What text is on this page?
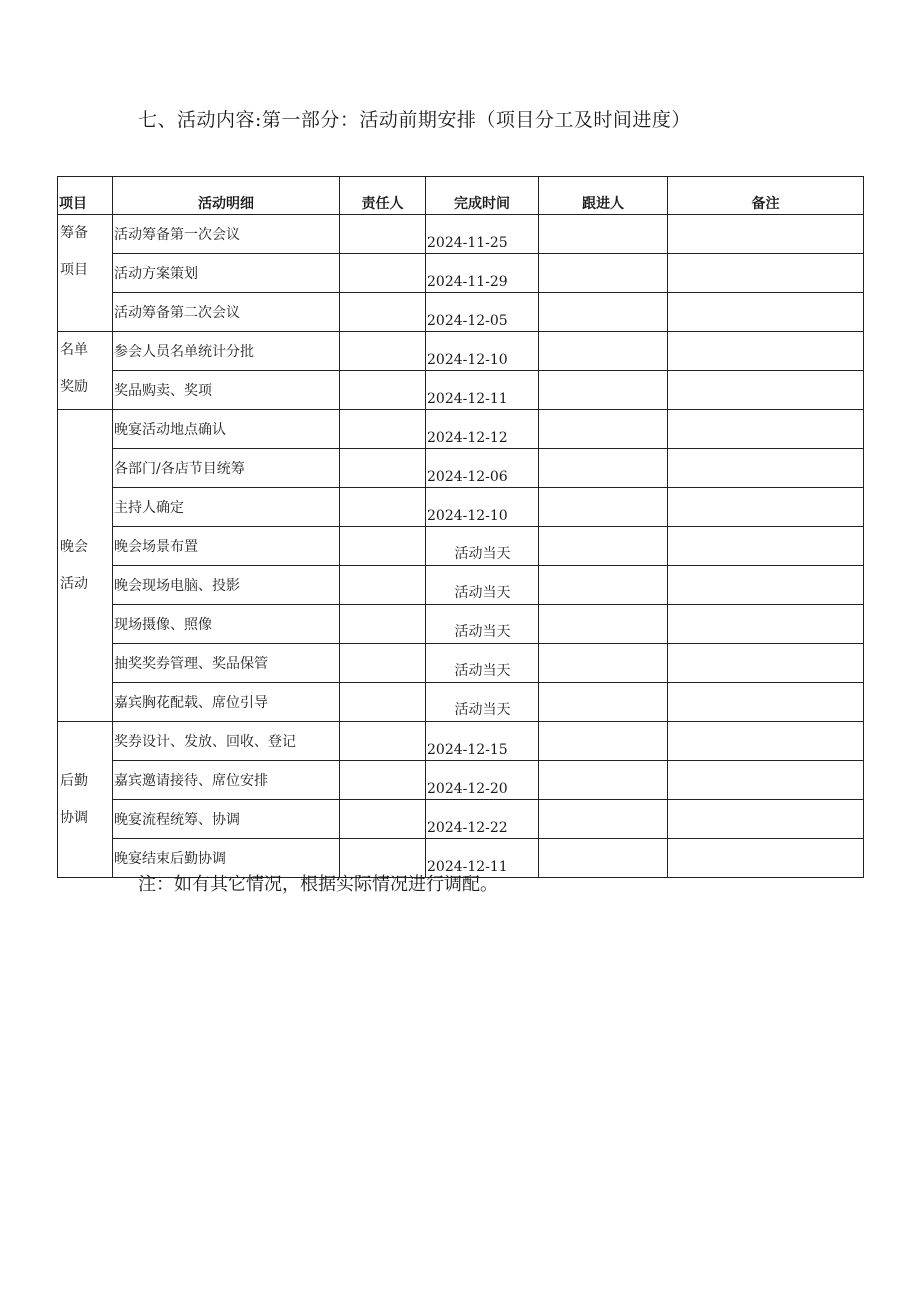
七、活动内容:第一部分：活动前期安排（项目分工及时间进度）
项目	活动明细	责任人	完成时间	跟进人	备注

筹备
项目	活动筹备第一次会议		2024-11-25		
	活动方案策划		2024-11-29		
	活动筹备第二次会议		2024-12-05		

名单
奖励	参会人员名单统计分批		2024-12-10		
	奖品购卖、奖项		2024-12-11		

晚会
活动	晚宴活动地点确认		2024-12-12		
	各部门/各店节目统筹		2024-12-06		
	主持人确定		2024-12-10		
	晚会场景布置		活动当天		
	晚会现场电脑、投影		活动当天		
	现场摄像、照像		活动当天		
	抽奖奖券管理、奖品保管		活动当天		
	嘉宾胸花配载、席位引导		活动当天		

后勤
协调	奖券设计、发放、回收、登记		2024-12-15		
	嘉宾邀请接待、席位安排		2024-12-20		
	晚宴流程统筹、协调		2024-12-22		
	晚宴结束后勤协调		2024-12-11		
注：如有其它情况，根据实际情况进行调配。
